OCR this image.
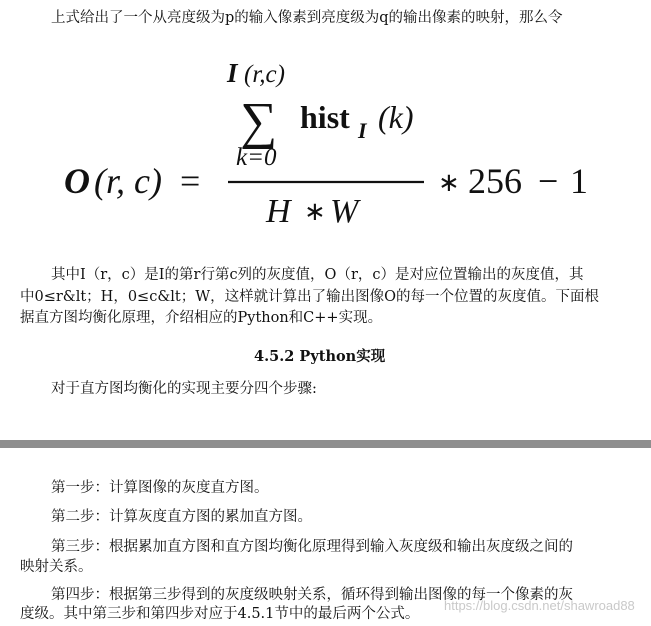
上式给出了一个从亮度级为p的输入像素到亮度级为q的输出像素的映射，那么令
I (r,c)
∑ hist I (k)
k=0
O (r, c) =
H ∗ W
∗ 256 − 1
其中I（r，c）是I的第r行第c列的灰度值，O（r，c）是对应位置输出的灰度值，其
中0≤r&lt；H，0≤c&lt；W，这样就计算出了输出图像O的每一个位置的灰度值。下面根
据直方图均衡化原理，介绍相应的Python和C++实现。
4.5.2 Python实现
对于直方图均衡化的实现主要分四个步骤:
第一步：计算图像的灰度直方图。
第二步：计算灰度直方图的累加直方图。
第三步：根据累加直方图和直方图均衡化原理得到输入灰度级和输出灰度级之间的
映射关系。
第四步：根据第三步得到的灰度级映射关系，循环得到输出图像的每一个像素的灰
度级。其中第三步和第四步对应于4.5.1节中的最后两个公式。
https://blog.csdn.net/shawroad88
